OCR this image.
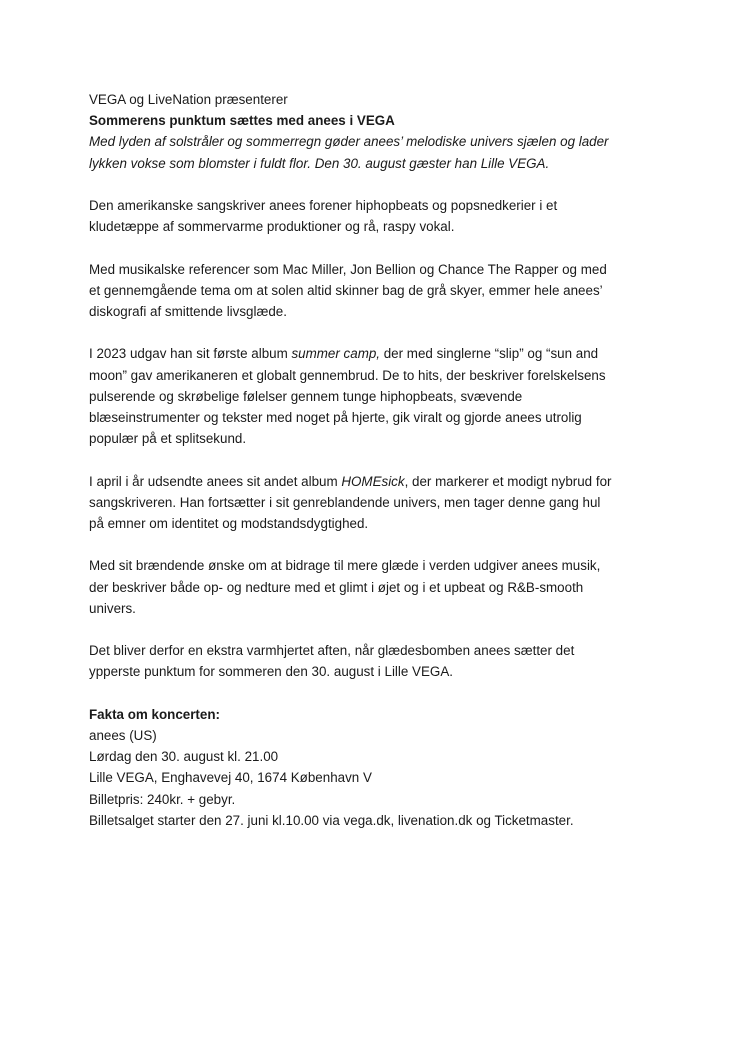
VEGA og LiveNation præsenterer
Sommerens punktum sættes med anees i VEGA
Med lyden af solstråler og sommerregn gøder anees’ melodiske univers sjælen og lader
lykken vokse som blomster i fuldt flor. Den 30. august gæster han Lille VEGA.
Den amerikanske sangskriver anees forener hiphopbeats og popsnedkerier i et
kludetæppe af sommervarme produktioner og rå, raspy vokal.
Med musikalske referencer som Mac Miller, Jon Bellion og Chance The Rapper og med
et gennemgående tema om at solen altid skinner bag de grå skyer, emmer hele anees’
diskografi af smittende livsglæde.
I 2023 udgav han sit første album summer camp, der med singlerne “slip” og “sun and
moon” gav amerikaneren et globalt gennembrud. De to hits, der beskriver forelskelsens
pulserende og skrøbelige følelser gennem tunge hiphopbeats, svævende
blæseinstrumenter og tekster med noget på hjerte, gik viralt og gjorde anees utrolig
populær på et splitsekund.
I april i år udsendte anees sit andet album HOMEsick, der markerer et modigt nybrud for
sangskriveren. Han fortsætter i sit genreblandende univers, men tager denne gang hul
på emner om identitet og modstandsdygtighed.
Med sit brændende ønske om at bidrage til mere glæde i verden udgiver anees musik,
der beskriver både op- og nedture med et glimt i øjet og i et upbeat og R&B-smooth
univers.
Det bliver derfor en ekstra varmhjertet aften, når glædesbomben anees sætter det
ypperste punktum for sommeren den 30. august i Lille VEGA.
Fakta om koncerten:
anees (US)
Lørdag den 30. august kl. 21.00
Lille VEGA, Enghavevej 40, 1674 København V
Billetpris: 240kr. + gebyr.
Billetsalget starter den 27. juni kl.10.00 via vega.dk, livenation.dk og Ticketmaster.
